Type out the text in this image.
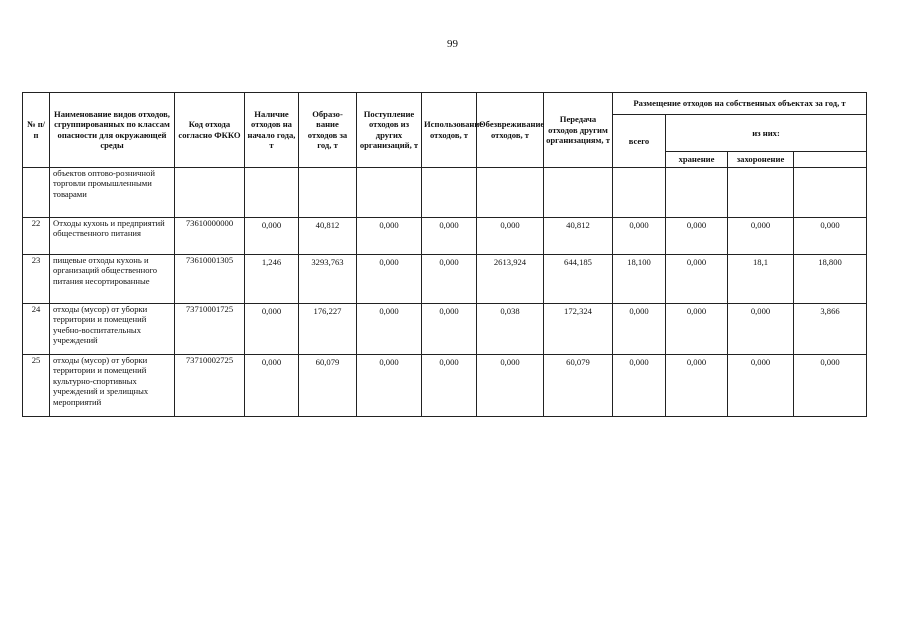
99
№ п/п	Наименование видов отходов, сгруппированных по классам опасности для окружающей среды	Код отхода согласно ФККО	Наличие отходов на начало года, т	Образо-вание отходов за год, т	Поступление отходов из других организаций, т	Использование отходов, т	Обезвреживание отходов, т	Передача отходов другим организациям, т	Размещение отходов на собственных объектах за год, т	
									всего	из них:			
										хранение	захоронение		
	объектов оптово-розничной торговли промышленными товарами												
22	Отходы кухонь и предприятий общественного питания	73610000000	0,000	40,812	0,000	0,000	0,000	40,812	0,000	0,000	0,000	0,000	
23	пищевые отходы кухонь и организаций общественного питания несортированные	73610001305	1,246	3293,763	0,000	0,000	2613,924	644,185	18,100	0,000	18,1	18,800	
24	отходы (мусор) от уборки территории и помещений учебно-воспитательных учреждений	73710001725	0,000	176,227	0,000	0,000	0,038	172,324	0,000	0,000	0,000	3,866	
25	отходы (мусор) от уборки территории и помещений культурно-спортивных учреждений и зрелищных мероприятий	73710002725	0,000	60,079	0,000	0,000	0,000	60,079	0,000	0,000	0,000	0,000	
